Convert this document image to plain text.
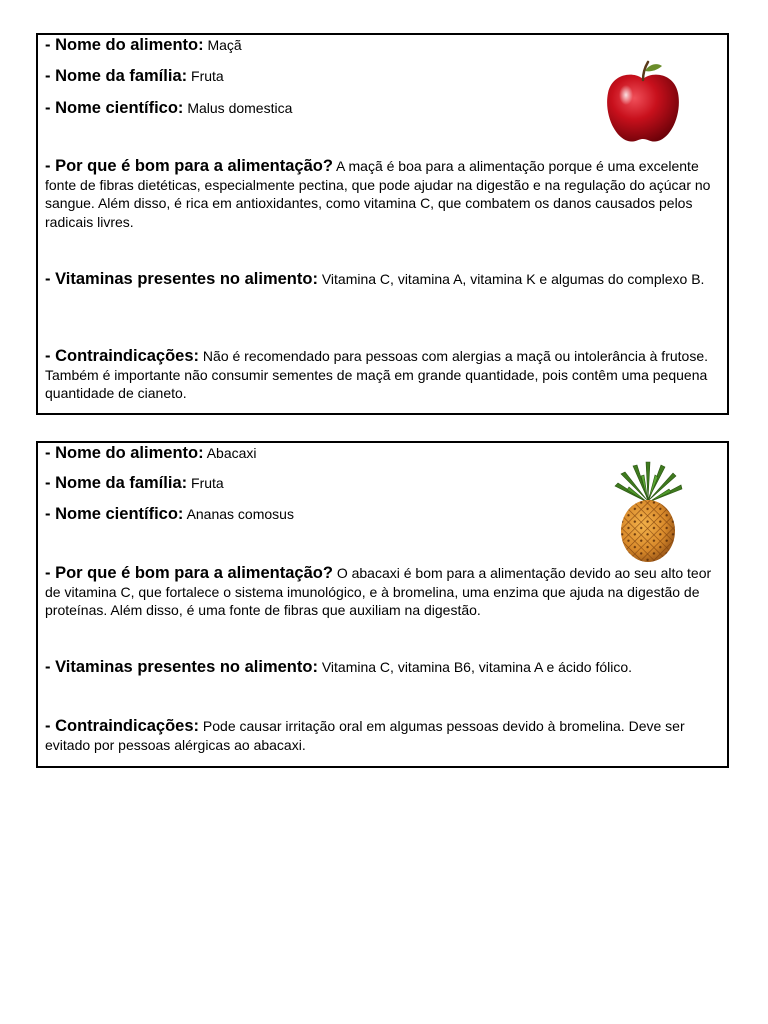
- Nome do alimento: Maçã
- Nome da família: Fruta
- Nome científico: Malus domestica
- Por que é bom para a alimentação? A maçã é boa para a alimentação porque é uma excelente fonte de fibras dietéticas, especialmente pectina, que pode ajudar na digestão e na regulação do açúcar no sangue. Além disso, é rica em antioxidantes, como vitamina C, que combatem os danos causados pelos radicais livres.
- Vitaminas presentes no alimento: Vitamina C, vitamina A, vitamina K e algumas do complexo B.
- Contraindicações: Não é recomendado para pessoas com alergias a maçã ou intolerância à frutose. Também é importante não consumir sementes de maçã em grande quantidade, pois contêm uma pequena quantidade de cianeto.
- Nome do alimento: Abacaxi
- Nome da família: Fruta
- Nome científico: Ananas comosus
- Por que é bom para a alimentação? O abacaxi é bom para a alimentação devido ao seu alto teor de vitamina C, que fortalece o sistema imunológico, e à bromelina, uma enzima que ajuda na digestão de proteínas. Além disso, é uma fonte de fibras que auxiliam na digestão.
- Vitaminas presentes no alimento: Vitamina C, vitamina B6, vitamina A e ácido fólico.
- Contraindicações: Pode causar irritação oral em algumas pessoas devido à bromelina. Deve ser evitado por pessoas alérgicas ao abacaxi.
